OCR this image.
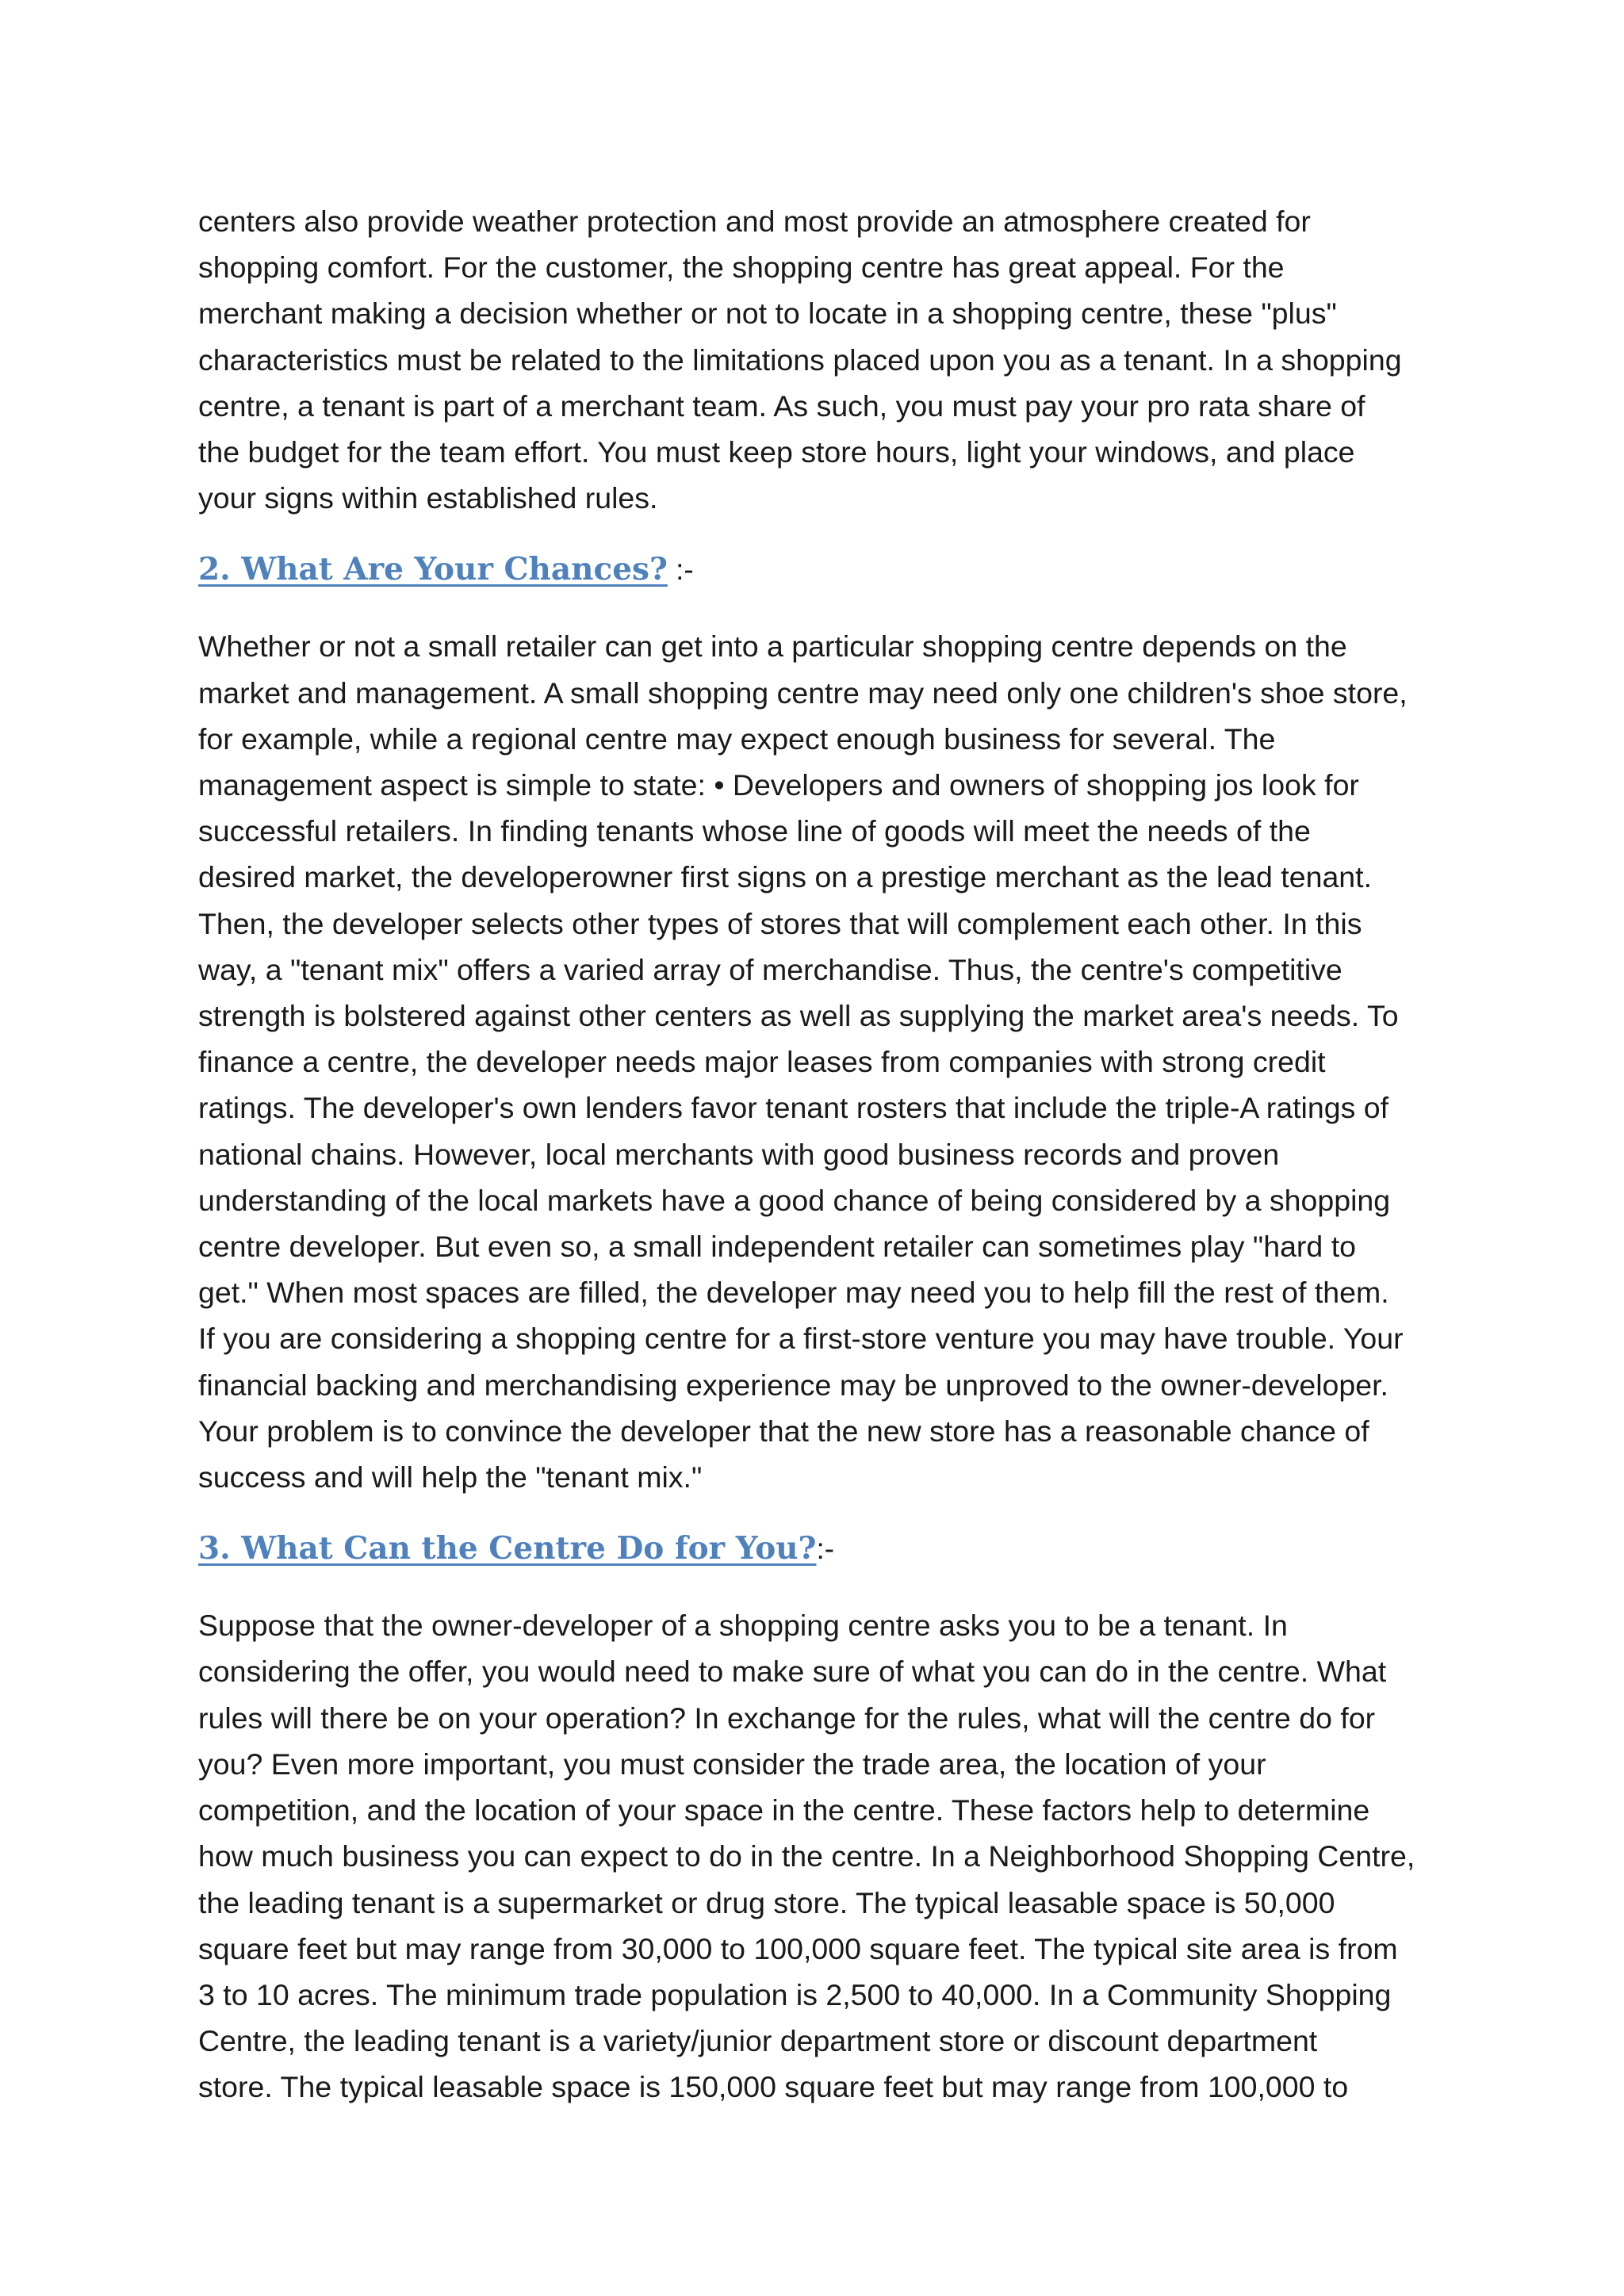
centers also provide weather protection and most provide an atmosphere created for
shopping comfort. For the customer, the shopping centre has great appeal. For the
merchant making a decision whether or not to locate in a shopping centre, these "plus"
characteristics must be related to the limitations placed upon you as a tenant. In a shopping
centre, a tenant is part of a merchant team. As such, you must pay your pro rata share of
the budget for the team effort. You must keep store hours, light your windows, and place
your signs within established rules.
2. What Are Your Chances? :-
Whether or not a small retailer can get into a particular shopping centre depends on the
market and management. A small shopping centre may need only one children's shoe store,
for example, while a regional centre may expect enough business for several. The
management aspect is simple to state: • Developers and owners of shopping jos look for
successful retailers. In finding tenants whose line of goods will meet the needs of the
desired market, the developerowner first signs on a prestige merchant as the lead tenant.
Then, the developer selects other types of stores that will complement each other. In this
way, a "tenant mix" offers a varied array of merchandise. Thus, the centre's competitive
strength is bolstered against other centers as well as supplying the market area's needs. To
finance a centre, the developer needs major leases from companies with strong credit
ratings. The developer's own lenders favor tenant rosters that include the triple-A ratings of
national chains. However, local merchants with good business records and proven
understanding of the local markets have a good chance of being considered by a shopping
centre developer. But even so, a small independent retailer can sometimes play "hard to
get." When most spaces are filled, the developer may need you to help fill the rest of them.
If you are considering a shopping centre for a first-store venture you may have trouble. Your
financial backing and merchandising experience may be unproved to the owner-developer.
Your problem is to convince the developer that the new store has a reasonable chance of
success and will help the "tenant mix."
3. What Can the Centre Do for You?:-
Suppose that the owner-developer of a shopping centre asks you to be a tenant. In
considering the offer, you would need to make sure of what you can do in the centre. What
rules will there be on your operation? In exchange for the rules, what will the centre do for
you? Even more important, you must consider the trade area, the location of your
competition, and the location of your space in the centre. These factors help to determine
how much business you can expect to do in the centre. In a Neighborhood Shopping Centre,
the leading tenant is a supermarket or drug store. The typical leasable space is 50,000
square feet but may range from 30,000 to 100,000 square feet. The typical site area is from
3 to 10 acres. The minimum trade population is 2,500 to 40,000. In a Community Shopping
Centre, the leading tenant is a variety/junior department store or discount department
store. The typical leasable space is 150,000 square feet but may range from 100,000 to
